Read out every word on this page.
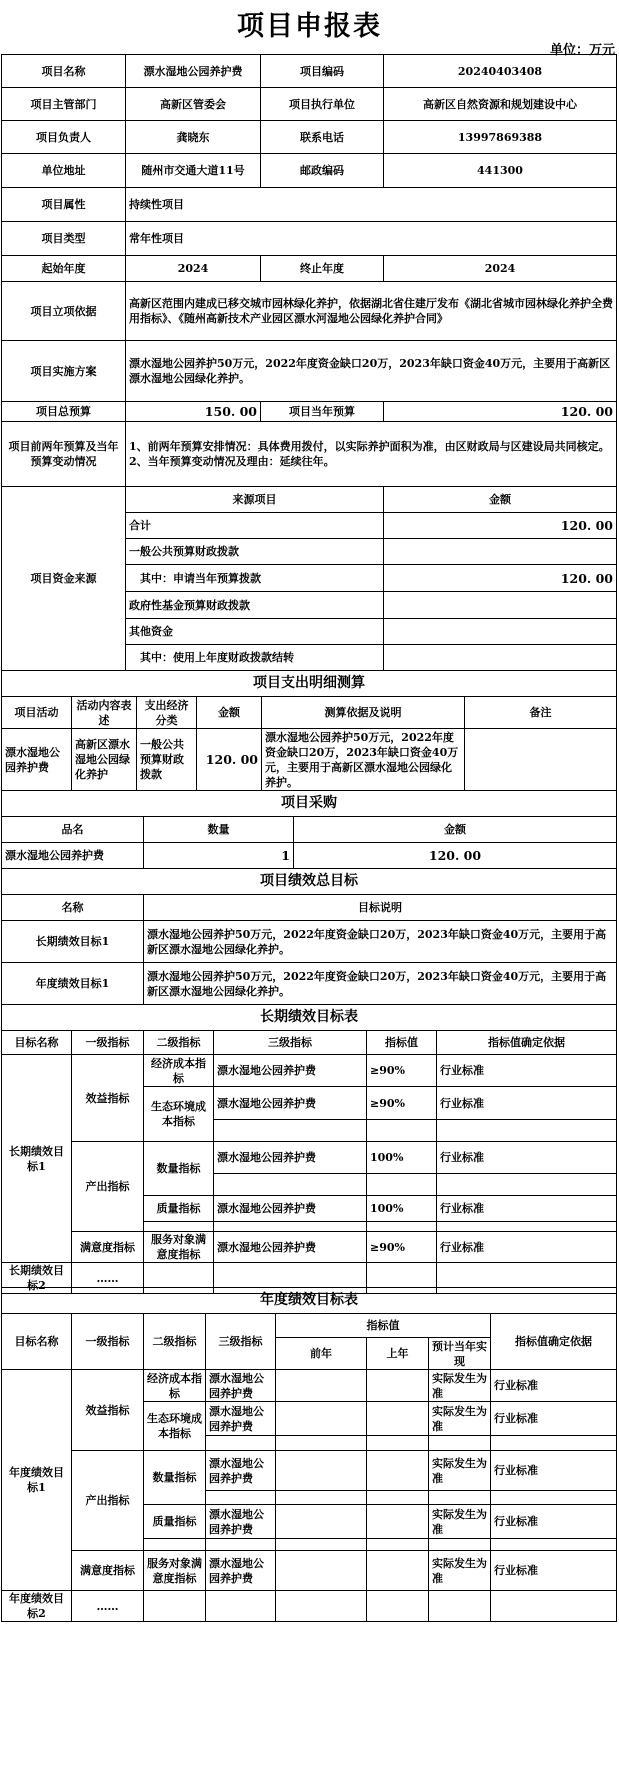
项目申报表
单位：万元
项目名称	漂水湿地公园养护费	项目编码	20240403408
项目主管部门	高新区管委会	项目执行单位	高新区自然资源和规划建设中心
项目负责人	龚晓东	联系电话	13997869388
单位地址	随州市交通大道11号	邮政编码	441300
项目属性	持续性项目		
项目类型	常年性项目		
起始年度	2024	终止年度	2024
项目立项依据	高新区范围内建成已移交城市园林绿化养护，依据湖北省住建厅发布《湖北省城市园林绿化养护全费用指标》、《随州高新技术产业园区漂水河湿地公园绿化养护合同》		
项目实施方案	漂水湿地公园养护50万元，2022年度资金缺口20万，2023年缺口资金40万元，主要用于高新区漂水湿地公园绿化养护。		
项目总预算	150. 00	项目当年预算	120. 00
项目前两年预算及当年预算变动情况	1、前两年预算安排情况：具体费用拨付，以实际养护面积为准，由区财政局与区建设局共同核定。
2、当年预算变动情况及理由：延续往年。		
项目资金来源	来源项目	金额
	合计	120. 00
	一般公共预算财政拨款	
	其中：申请当年预算拨款	120. 00
	政府性基金预算财政拨款	
	其他资金	
	其中：使用上年度财政拨款结转	
项目支出明细测算					
项目活动	活动内容表述	支出经济分类	金额	测算依据及说明	备注
漂水湿地公园养护费	高新区漂水湿地公园绿化养护	一般公共预算财政拨款	120. 00	漂水湿地公园养护50万元，2022年度资金缺口20万，2023年缺口资金40万元，主要用于高新区漂水湿地公园绿化养护。	
项目采购		
品名	数量	金额
漂水湿地公园养护费	1	120. 00
项目绩效总目标	
名称	目标说明
长期绩效目标1	漂水湿地公园养护50万元，2022年度资金缺口20万，2023年缺口资金40万元，主要用于高新区漂水湿地公园绿化养护。
年度绩效目标1	漂水湿地公园养护50万元，2022年度资金缺口20万，2023年缺口资金40万元，主要用于高新区漂水湿地公园绿化养护。
长期绩效目标表					
目标名称	一级指标	二级指标	三级指标	指标值	指标值确定依据
长期绩效目标1	效益指标	经济成本指标	漂水湿地公园养护费	≥90%	行业标准
		生态环境成本指标	漂水湿地公园养护费	≥90%	行业标准

	产出指标	数量指标	漂水湿地公园养护费	100%	行业标准

		质量指标	漂水湿地公园养护费	100%	行业标准

	满意度指标	服务对象满意度指标	漂水湿地公园养护费	≥90%	行业标准
长期绩效目标2	……				
年度绩效目标表							
目标名称	一级指标	二级指标	三级指标	指标值			指标值确定依据
				前年	上年	预计当年实现	
年度绩效目标1	效益指标	经济成本指标	漂水湿地公园养护费			实际发生为准	行业标准
		生态环境成本指标	漂水湿地公园养护费			实际发生为准	行业标准

	产出指标	数量指标	漂水湿地公园养护费			实际发生为准	行业标准

		质量指标	漂水湿地公园养护费			实际发生为准	行业标准

	满意度指标	服务对象满意度指标	漂水湿地公园养护费			实际发生为准	行业标准
年度绩效目标2	……						
